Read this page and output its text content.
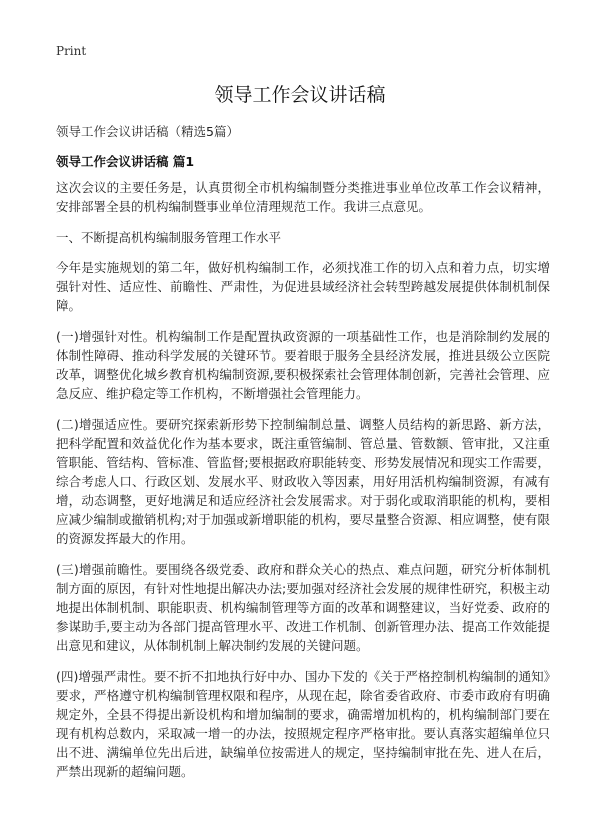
Print
领导工作会议讲话稿
领导工作会议讲话稿（精选5篇）
领导工作会议讲话稿 篇1

这次会议的主要任务是，认真贯彻全市机构编制暨分类推进事业单位改革工作会议精神，安排部署全县的机构编制暨事业单位清理规范工作。我讲三点意见。

一、不断提高机构编制服务管理工作水平

今年是实施规划的第二年，做好机构编制工作，必须找准工作的切入点和着力点，切实增强针对性、适应性、前瞻性、严肃性，为促进县域经济社会转型跨越发展提供体制机制保障。

(一)增强针对性。机构编制工作是配置执政资源的一项基础性工作，也是消除制约发展的体制性障碍、推动科学发展的关键环节。要着眼于服务全县经济发展，推进县级公立医院改革，调整优化城乡教育机构编制资源,要积极探索社会管理体制创新，完善社会管理、应急反应、维护稳定等工作机构，不断增强社会管理能力。

(二)增强适应性。要研究探索新形势下控制编制总量、调整人员结构的新思路、新方法，把科学配置和效益优化作为基本要求，既注重管编制、管总量、管数额、管审批，又注重管职能、管结构、管标准、管监督;要根据政府职能转变、形势发展情况和现实工作需要，综合考虑人口、行政区划、发展水平、财政收入等因素，用好用活机构编制资源，有减有增，动态调整，更好地满足和适应经济社会发展需求。对于弱化或取消职能的机构，要相应减少编制或撤销机构;对于加强或新增职能的机构，要尽量整合资源、相应调整，使有限的资源发挥最大的作用。

(三)增强前瞻性。要围绕各级党委、政府和群众关心的热点、难点问题，研究分析体制机制方面的原因，有针对性地提出解决办法;要加强对经济社会发展的规律性研究，积极主动地提出体制机制、职能职责、机构编制管理等方面的改革和调整建议，当好党委、政府的参谋助手,要主动为各部门提高管理水平、改进工作机制、创新管理办法、提高工作效能提出意见和建议，从体制机制上解决制约发展的关键问题。

(四)增强严肃性。要不折不扣地执行好中办、国办下发的《关于严格控制机构编制的通知》要求，严格遵守机构编制管理权限和程序，从现在起，除省委省政府、市委市政府有明确规定外，全县不得提出新设机构和增加编制的要求，确需增加机构的，机构编制部门要在现有机构总数内，采取减一增一的办法，按照规定程序严格审批。要认真落实超编单位只出不进、满编单位先出后进，缺编单位按需进人的规定，坚持编制审批在先、进人在后，严禁出现新的超编问题。
